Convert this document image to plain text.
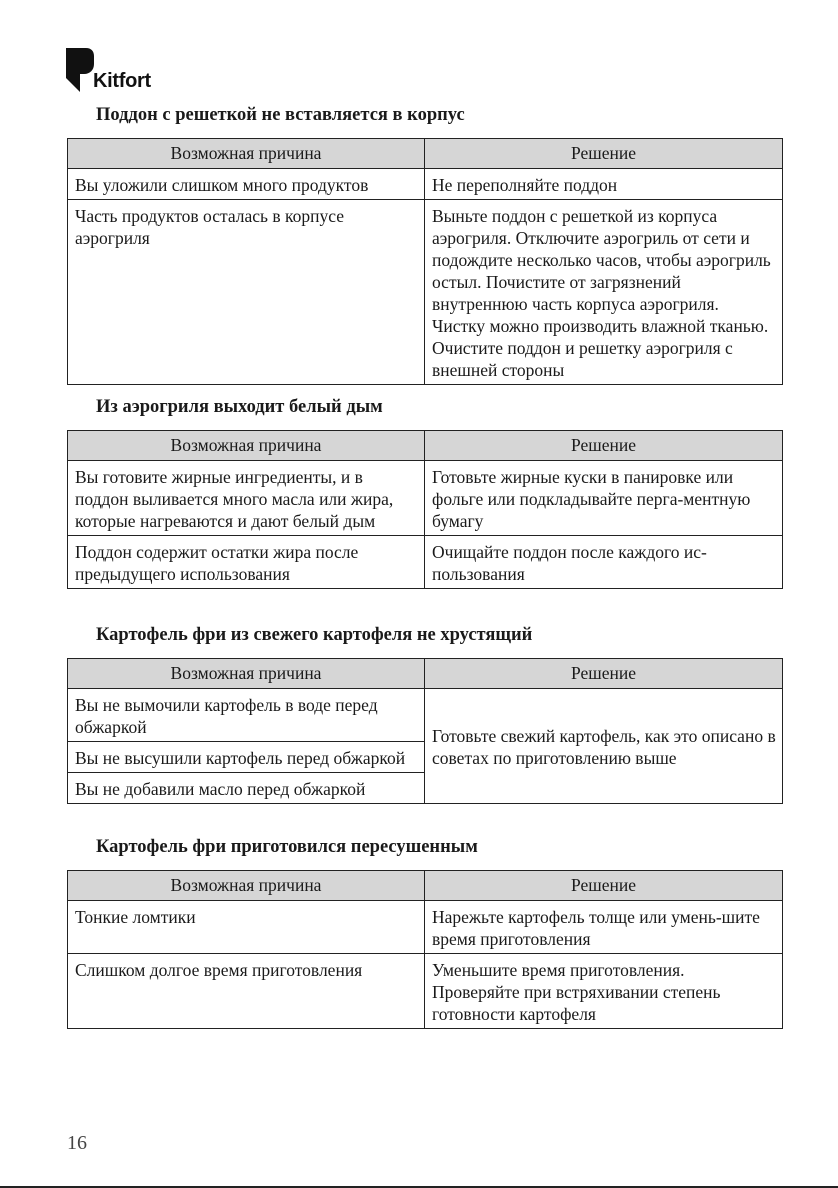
Kitfort
Поддон с решеткой не вставляется в корпус
Возможная причина	Решение
Вы уложили слишком много продуктов	Не переполняйте поддон
Часть продуктов осталась в корпусе аэрогриля	Выньте поддон с решеткой из корпуса аэрогриля. Отключите аэрогриль от сети и подождите несколько часов, чтобы аэрогриль остыл. Почистите от загрязнений внутреннюю часть корпуса аэрогриля. Чистку можно производить влажной тканью. Очистите поддон и решетку аэрогриля с внешней стороны
Из аэрогриля выходит белый дым
Возможная причина	Решение
Вы готовите жирные ингредиенты, и в поддон выливается много масла или жира, которые нагреваются и дают белый дым	Готовьте жирные куски в панировке или фольге или подкладывайте перга-ментную бумагу
Поддон содержит остатки жира после предыдущего использования	Очищайте поддон после каждого ис-пользования
Картофель фри из свежего картофеля не хрустящий
Возможная причина	Решение
Вы не вымочили картофель в воде перед обжаркой	Готовьте свежий картофель, как это описано в советах по приготовлению выше
Вы не высушили картофель перед обжаркой	
Вы не добавили масло перед обжаркой	
Картофель фри приготовился пересушенным
Возможная причина	Решение
Тонкие ломтики	Нарежьте картофель толще или умень-шите время приготовления
Слишком долгое время приготовления	Уменьшите время приготовления. Проверяйте при встряхивании степень готовности картофеля
16
